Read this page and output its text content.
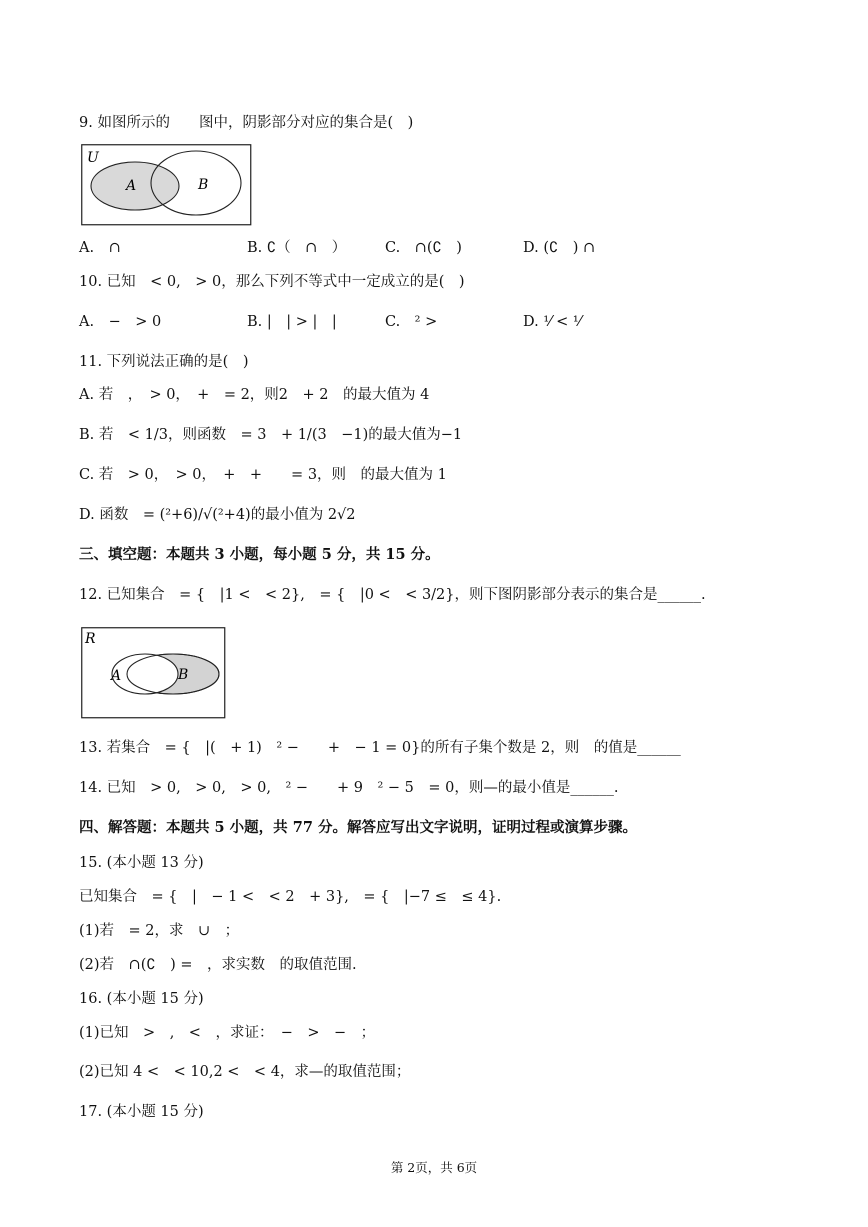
9. 如图所示的　　图中，阴影部分对应的集合是(　)
U
A	B
A.　∩	B. ∁（　∩　）	C.　∩(∁　)	D. (∁　) ∩
10. 已知　< 0,　> 0，那么下列不等式中一定成立的是(　)
A.　−　> 0	B. |　| > |　|	C.　² >	D. ¹⁄ < ¹⁄
11. 下列说法正确的是(　)
A. 若　，　> 0，　+　= 2，则2　+ 2　的最大值为 4
B. 若　< 1/3，则函数　= 3　+ 1/(3　−1)的最大值为−1
C. 若　> 0，　> 0，　+　+　　= 3，则　的最大值为 1
D. 函数　= (²+6)/√(²+4)的最小值为 2√2
三、填空题：本题共 3 小题，每小题 5 分，共 15 分。
12. 已知集合　= {　|1 <　< 2},　= {　|0 <　< 3/2}，则下图阴影部分表示的集合是______.
R
A	B
13. 若集合　= {　|(　+ 1)　² −　　+　− 1 = 0}的所有子集个数是 2，则　的值是______
14. 已知　> 0,　> 0,　> 0,　² −　　+ 9　² − 5　= 0，则—的最小值是______.
四、解答题：本题共 5 小题，共 77 分。解答应写出文字说明，证明过程或演算步骤。
15. (本小题 13 分)
已知集合　= {　|　− 1 <　< 2　+ 3},　= {　|−7 ≤　≤ 4}.
(1)若　= 2，求　∪　；
(2)若　∩(∁　) =　，求实数　的取值范围.
16. (本小题 15 分)
(1)已知　>　,　<　，求证：　−　>　−　；
(2)已知 4 <　< 10,2 <　< 4，求—的取值范围；
17. (本小题 15 分)
第 2页，共 6页
